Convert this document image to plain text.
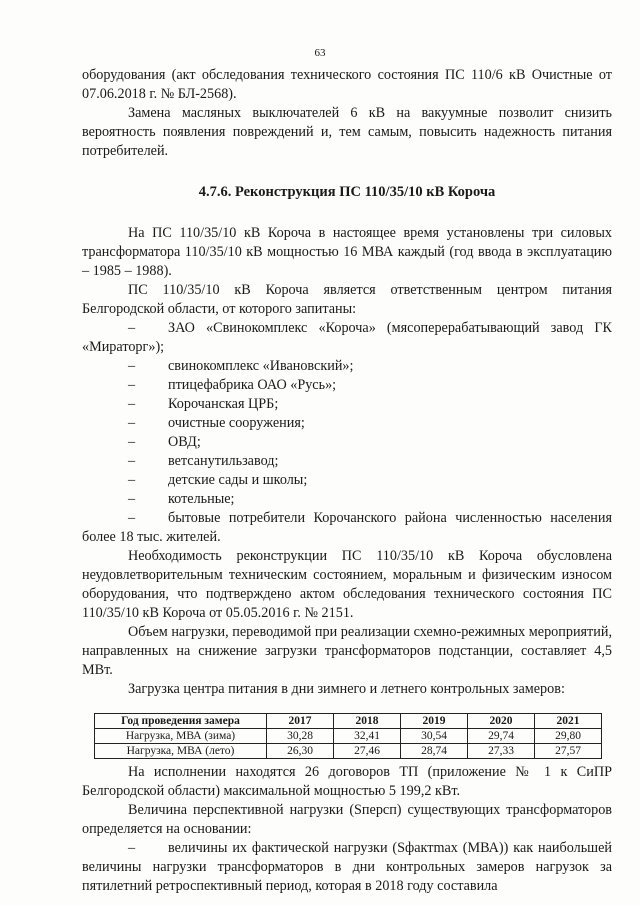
63

оборудования (акт обследования технического состояния ПС 110/6 кВ Очистные от 07.06.2018 г. № БЛ-2568).

Замена масляных выключателей 6 кВ на вакуумные позволит снизить вероятность появления повреждений и, тем самым, повысить надежность питания потребителей.

4.7.6. Реконструкция ПС 110/35/10 кВ Короча

На ПС 110/35/10 кВ Короча в настоящее время установлены три силовых трансформатора 110/35/10 кВ мощностью 16 МВА каждый (год ввода в эксплуатацию – 1985 – 1988).

ПС 110/35/10 кВ Короча является ответственным центром питания Белгородской области, от которого запитаны:

– ЗАО «Свинокомплекс «Короча» (мясоперерабатывающий завод ГК «Мираторг»);
– свинокомплекс «Ивановский»;
– птицефабрика ОАО «Русь»;
– Корочанская ЦРБ;
– очистные сооружения;
– ОВД;
– ветсанутильзавод;
– детские сады и школы;
– котельные;
– бытовые потребители Корочанского района численностью населения более 18 тыс. жителей.

Необходимость реконструкции ПС 110/35/10 кВ Короча обусловлена неудовлетворительным техническим состоянием, моральным и физическим износом оборудования, что подтверждено актом обследования технического состояния ПС 110/35/10 кВ Короча от 05.05.2016 г. № 2151.

Объем нагрузки, переводимой при реализации схемно-режимных мероприятий, направленных на снижение загрузки трансформаторов подстанции, составляет 4,5 МВт.

Загрузка центра питания в дни зимнего и летнего контрольных замеров:

Год проведения замера	2017	2018	2019	2020	2021
Нагрузка, МВА (зима)	30,28	32,41	30,54	29,74	29,80
Нагрузка, МВА (лето)	26,30	27,46	28,74	27,33	27,57

На исполнении находятся 26 договоров ТП (приложение № 1 к СиПР Белгородской области) максимальной мощностью 5 199,2 кВт.

Величина перспективной нагрузки (Sперсп) существующих трансформаторов определяется на основании:

– величины их фактической нагрузки (Sфактmax (МВА)) как наибольшей величины нагрузки трансформаторов в дни контрольных замеров нагрузок за пятилетний ретроспективный период, которая в 2018 году составила
